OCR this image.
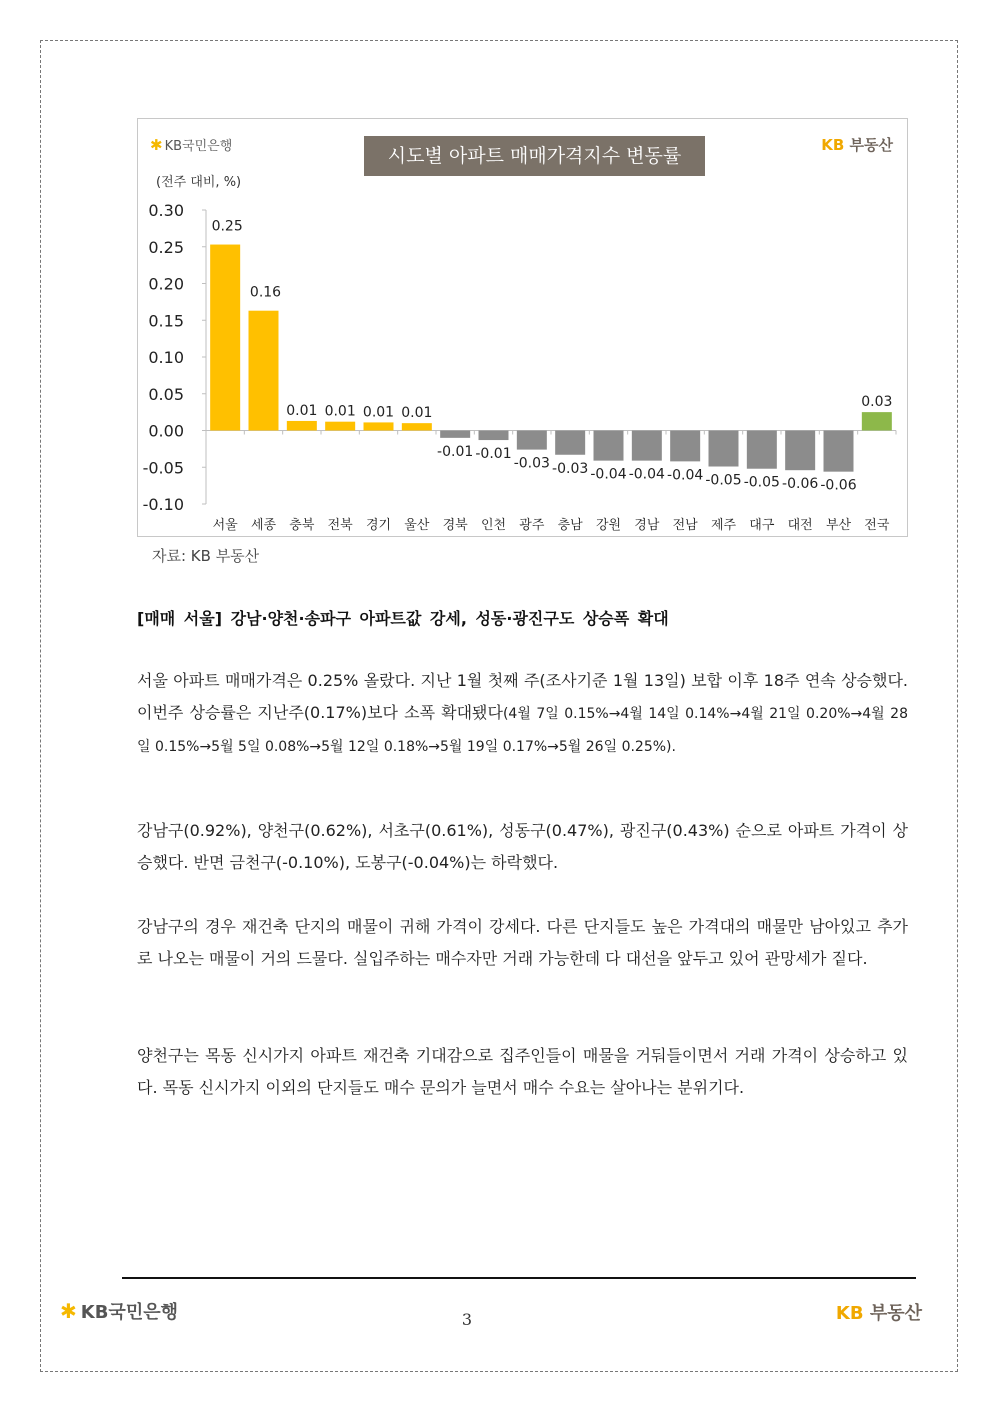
0.30
0.25
0.20
0.15
0.10
0.05
0.00
-0.05
-0.10
서울
0.25
세종
0.16
충북
0.01
전북
0.01
경기
0.01
울산
0.01
경북
-0.01
인천
-0.01
광주
-0.03
충남
-0.03
강원
-0.04
경남
-0.04
전남
-0.04
제주
-0.05
대구
-0.05
대전
-0.06
부산
-0.06
전국
0.03
✱ KB국민은행	시도별 아파트 매매가격지수 변동률	KB 부동산
(전주 대비, %)
자료: KB 부동산
[매매 서울] 강남·양천·송파구 아파트값 강세, 성동·광진구도 상승폭 확대
서울 아파트 매매가격은 0.25% 올랐다. 지난 1월 첫째 주(조사기준 1월 13일) 보합 이후 18주 연속 상승했다. 이번주 상승률은 지난주(0.17%)보다 소폭 확대됐다(4월 7일 0.15%→4월 14일 0.14%→4월 21일 0.20%→4월 28일 0.15%→5월 5일 0.08%→5월 12일 0.18%→5월 19일 0.17%→5월 26일 0.25%).
강남구(0.92%), 양천구(0.62%), 서초구(0.61%), 성동구(0.47%), 광진구(0.43%) 순으로 아파트 가격이 상승했다. 반면 금천구(-0.10%), 도봉구(-0.04%)는 하락했다.
강남구의 경우 재건축 단지의 매물이 귀해 가격이 강세다. 다른 단지들도 높은 가격대의 매물만 남아있고 추가로 나오는 매물이 거의 드물다. 실입주하는 매수자만 거래 가능한데 다 대선을 앞두고 있어 관망세가 짙다.
양천구는 목동 신시가지 아파트 재건축 기대감으로 집주인들이 매물을 거둬들이면서 거래 가격이 상승하고 있다. 목동 신시가지 이외의 단지들도 매수 문의가 늘면서 매수 수요는 살아나는 분위기다.
✱ KB국민은행	3	KB 부동산
